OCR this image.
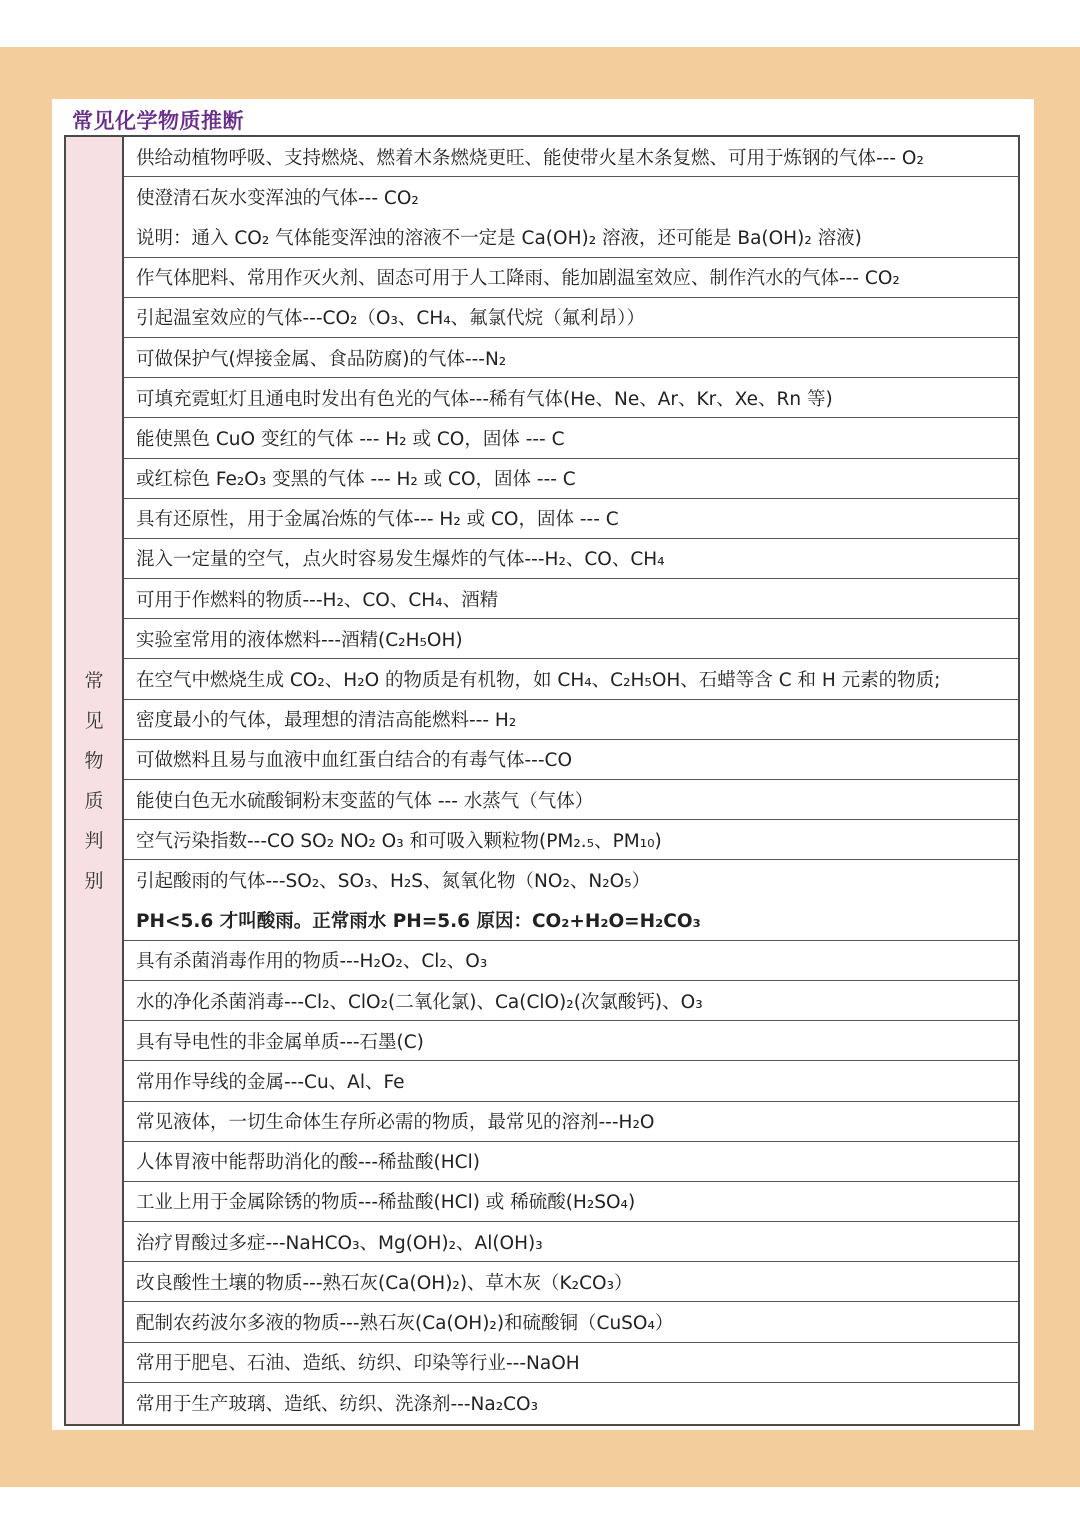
常见化学物质推断
常
见
物
质
判
别
供给动植物呼吸、支持燃烧、燃着木条燃烧更旺、能使带火星木条复燃、可用于炼钢的气体--- O₂
使澄清石灰水变浑浊的气体--- CO₂
说明：通入 CO₂ 气体能变浑浊的溶液不一定是 Ca(OH)₂ 溶液，还可能是 Ba(OH)₂ 溶液)
作气体肥料、常用作灭火剂、固态可用于人工降雨、能加剧温室效应、制作汽水的气体--- CO₂
引起温室效应的气体---CO₂（O₃、CH₄、氟氯代烷（氟利昂））
可做保护气(焊接金属、食品防腐)的气体---N₂
可填充霓虹灯且通电时发出有色光的气体---稀有气体(He、Ne、Ar、Kr、Xe、Rn 等)
能使黑色 CuO 变红的气体 --- H₂ 或 CO，固体 --- C
或红棕色 Fe₂O₃ 变黑的气体 --- H₂ 或 CO，固体 --- C
具有还原性，用于金属冶炼的气体--- H₂ 或 CO，固体 --- C
混入一定量的空气，点火时容易发生爆炸的气体---H₂、CO、CH₄
可用于作燃料的物质---H₂、CO、CH₄、酒精
实验室常用的液体燃料---酒精(C₂H₅OH)
在空气中燃烧生成 CO₂、H₂O 的物质是有机物，如 CH₄、C₂H₅OH、石蜡等含 C 和 H 元素的物质;
密度最小的气体，最理想的清洁高能燃料--- H₂
可做燃料且易与血液中血红蛋白结合的有毒气体---CO
能使白色无水硫酸铜粉末变蓝的气体 --- 水蒸气（气体）
空气污染指数---CO SO₂ NO₂ O₃ 和可吸入颗粒物(PM₂.₅、PM₁₀)
引起酸雨的气体---SO₂、SO₃、H₂S、氮氧化物（NO₂、N₂O₅）
PH<5.6 才叫酸雨。正常雨水 PH=5.6 原因：CO₂+H₂O=H₂CO₃
具有杀菌消毒作用的物质---H₂O₂、Cl₂、O₃
水的净化杀菌消毒---Cl₂、ClO₂(二氧化氯)、Ca(ClO)₂(次氯酸钙)、O₃
具有导电性的非金属单质---石墨(C)
常用作导线的金属---Cu、Al、Fe
常见液体，一切生命体生存所必需的物质，最常见的溶剂---H₂O
人体胃液中能帮助消化的酸---稀盐酸(HCl)
工业上用于金属除锈的物质---稀盐酸(HCl) 或 稀硫酸(H₂SO₄)
治疗胃酸过多症---NaHCO₃、Mg(OH)₂、Al(OH)₃
改良酸性土壤的物质---熟石灰(Ca(OH)₂)、草木灰（K₂CO₃）
配制农药波尔多液的物质---熟石灰(Ca(OH)₂)和硫酸铜（CuSO₄）
常用于肥皂、石油、造纸、纺织、印染等行业---NaOH
常用于生产玻璃、造纸、纺织、洗涤剂---Na₂CO₃
